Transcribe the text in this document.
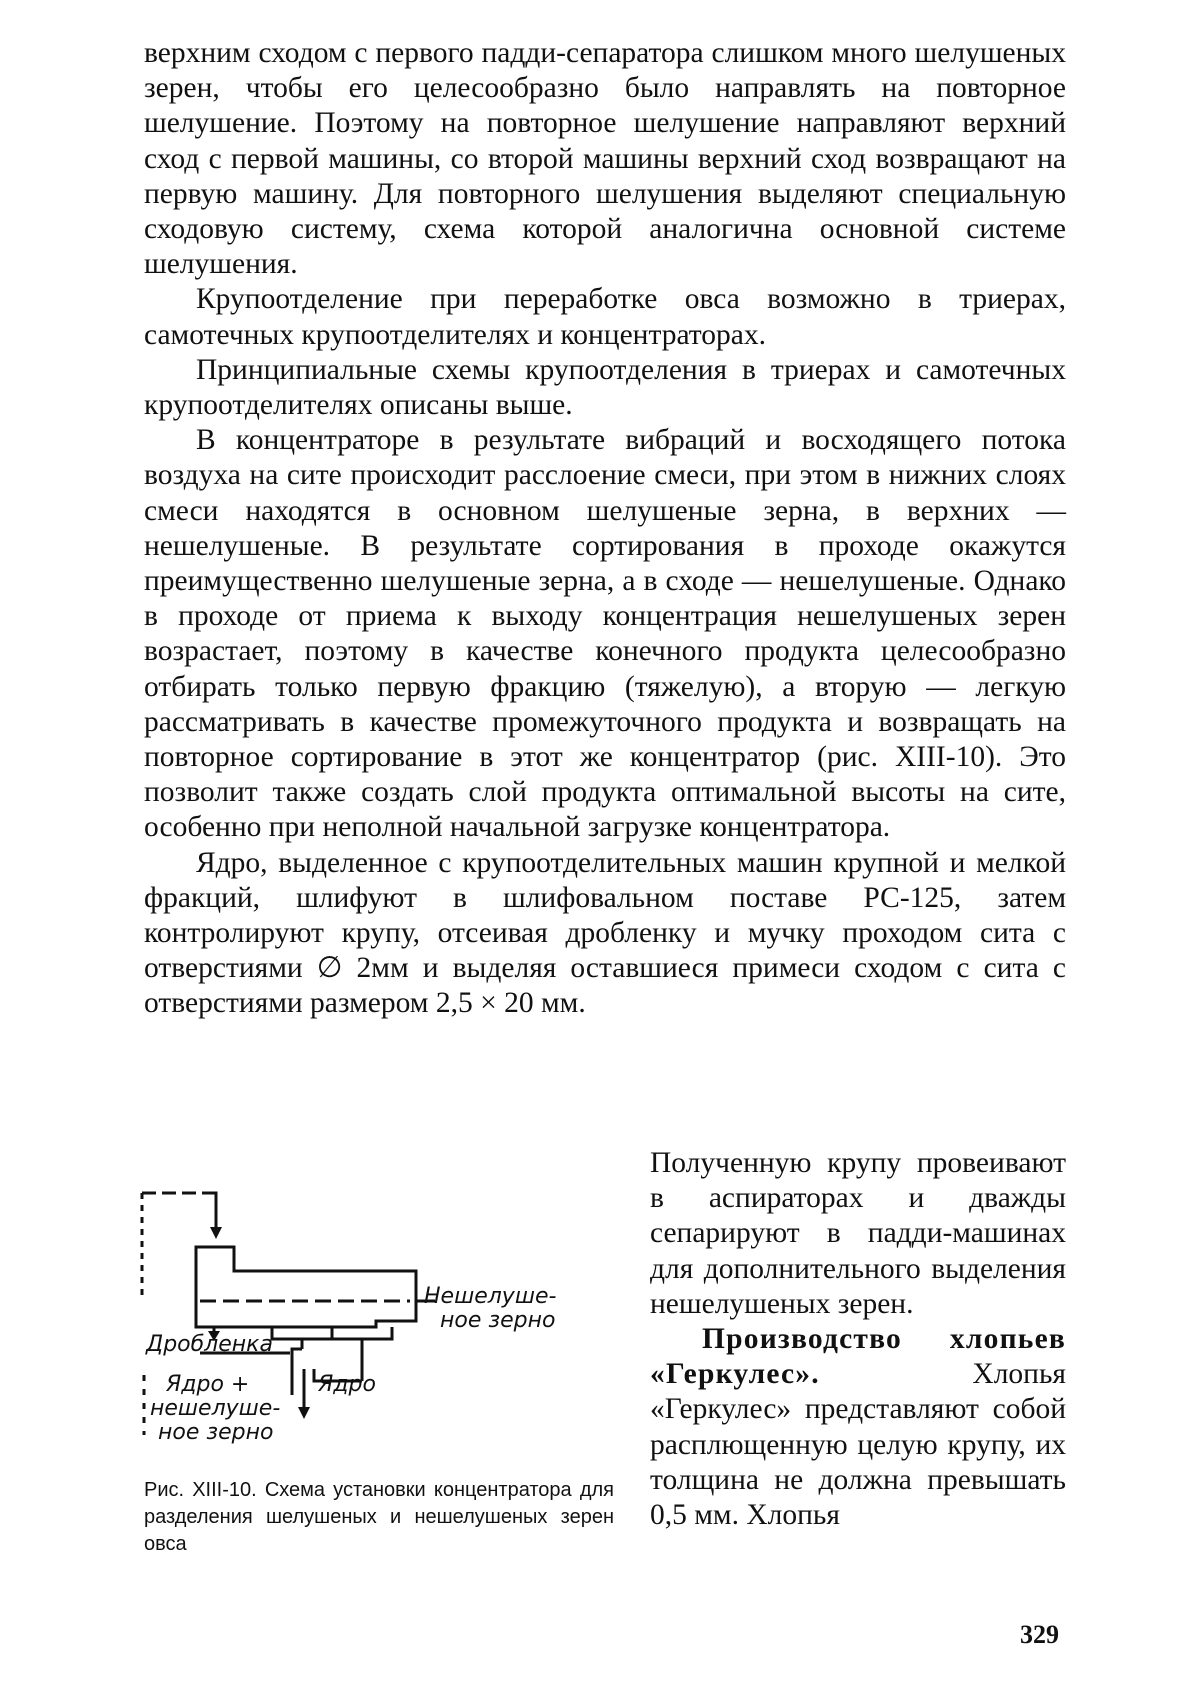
верхним сходом с первого падди-сепаратора слишком много шелушеных зерен, чтобы его целесообразно было направлять на повторное шелушение. Поэтому на повторное шелушение направляют верхний сход с первой машины, со второй машины верхний сход возвращают на первую машину. Для повторного шелушения выделяют специальную сходовую систему, схема которой аналогична основной системе шелушения.

Крупоотделение при переработке овса возможно в триерах, самотечных крупоотделителях и концентраторах.

Принципиальные схемы крупоотделения в триерах и самотечных крупоотделителях описаны выше.

В концентраторе в результате вибраций и восходящего потока воздуха на сите происходит расслоение смеси, при этом в нижних слоях смеси находятся в основном шелушеные зерна, в верхних — нешелушеные. В результате сортирования в проходе окажутся преимущественно шелушеные зерна, а в сходе — нешелушеные. Однако в проходе от приема к выходу концентрация нешелушеных зерен возрастает, поэтому в качестве конечного продукта целесообразно отбирать только первую фракцию (тяжелую), а вторую — легкую рассматривать в качестве промежуточного продукта и возвращать на повторное сортирование в этот же концентратор (рис. XIII-10). Это позволит также создать слой продукта оптимальной высоты на сите, особенно при неполной начальной загрузке концентратора.

Ядро, выделенное с крупоотделительных машин крупной и мелкой фракций, шлифуют в шлифовальном поставе РС-125, затем контролируют крупу, отсеивая дробленку и мучку проходом сита с отверстиями ∅ 2мм и выделяя оставшиеся примеси сходом с сита с отверстиями размером 2,5 × 20 мм.

Нешелуше-
ное зерно
Дробленка
Ядро +
нешелуше-
ное зерно
Ядро
Рис. XIII-10. Схема установки концентратора для разделения шелушеных и нешелушеных зерен овса

Полученную крупу провеивают в аспираторах и дважды сепарируют в падди-машинах для дополнительного выделения нешелушеных зерен.

Производство хлопьев «Геркулес». Хлопья «Геркулес» представляют собой расплющенную целую крупу, их толщина не должна превышать 0,5 мм. Хлопья

329
